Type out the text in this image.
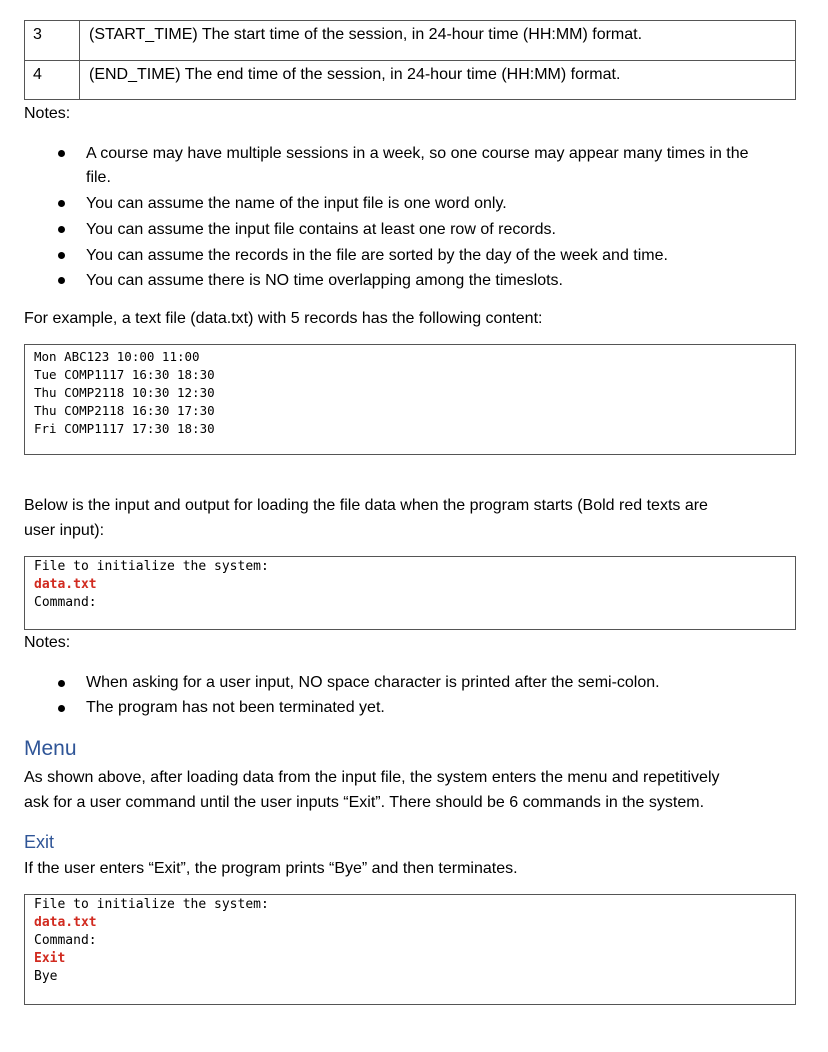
3	(START_TIME) The start time of the session, in 24-hour time (HH:MM) format.
4	(END_TIME) The end time of the session, in 24-hour time (HH:MM) format.
Notes:
A course may have multiple sessions in a week, so one course may appear many times in the
file.
You can assume the name of the input file is one word only.
You can assume the input file contains at least one row of records.
You can assume the records in the file are sorted by the day of the week and time.
You can assume there is NO time overlapping among the timeslots.
For example, a text file (data.txt) with 5 records has the following content:
Mon ABC123 10:00 11:00
Tue COMP1117 16:30 18:30
Thu COMP2118 10:30 12:30
Thu COMP2118 16:30 17:30
Fri COMP1117 17:30 18:30
Below is the input and output for loading the file data when the program starts (Bold red texts are
user input):
File to initialize the system:
data.txt
Command:
Notes:
When asking for a user input, NO space character is printed after the semi-colon.
The program has not been terminated yet.
Menu
As shown above, after loading data from the input file, the system enters the menu and repetitively
ask for a user command until the user inputs “Exit”. There should be 6 commands in the system.
Exit
If the user enters “Exit”, the program prints “Bye” and then terminates.
File to initialize the system:
data.txt
Command:
Exit
Bye
